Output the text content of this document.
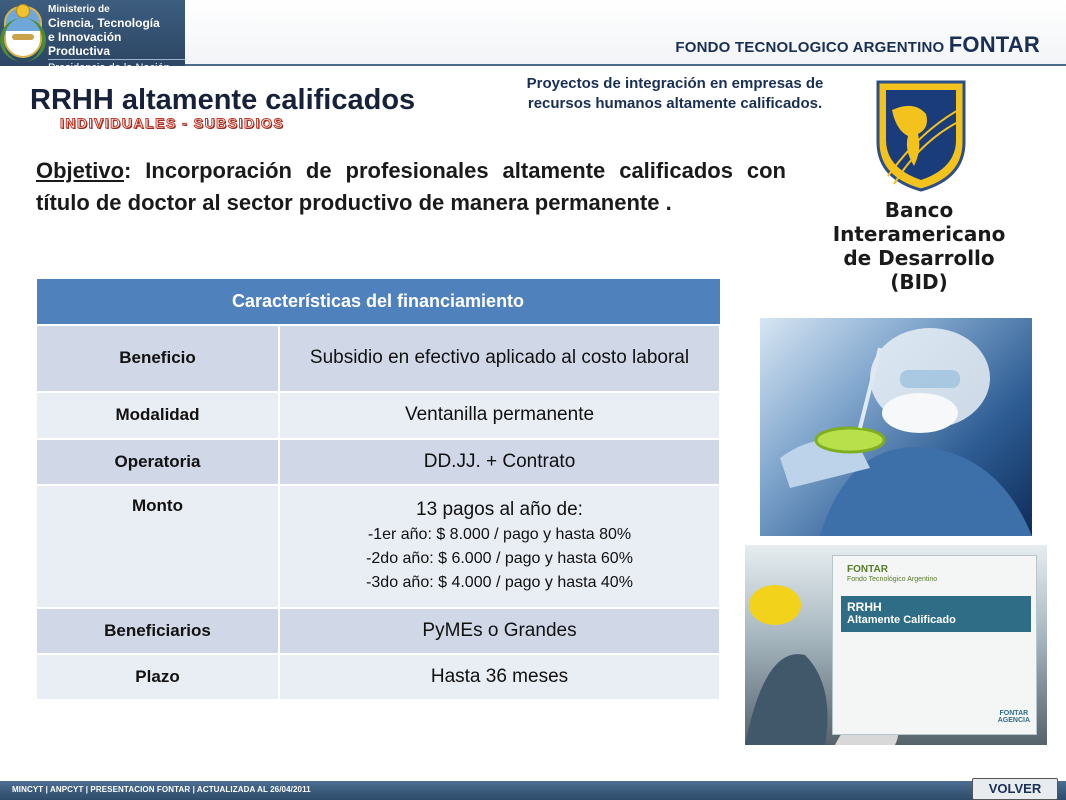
Ministerio de
Ciencia, Tecnología
e Innovación Productiva
Presidencia de la Nación
FONDO TECNOLOGICO ARGENTINO FONTAR
RRHH altamente calificados
INDIVIDUALES - SUBSIDIOS
Proyectos de integración en empresas de recursos humanos altamente calificados.
Objetivo: Incorporación de profesionales altamente calificados con título de doctor al sector productivo de manera permanente .	Banco
Interamericano
de Desarrollo
(BID)
Características del financiamiento	
Beneficio	Subsidio en efectivo aplicado al costo laboral
Modalidad	Ventanilla permanente
Operatoria	DD.JJ. + Contrato
Monto	13 pagos al año de:
-1er año: $ 8.000 / pago y hasta 80%
-2do año: $ 6.000 / pago y hasta 60%
-3do año: $ 4.000 / pago y hasta 40%

Beneficiarios	PyMEs o Grandes
Plazo	Hasta 36 meses
FONTAR
Fondo Tecnológico Argentino
RRHH
Altamente Calificado
FONTAR
AGENCIA
MINCYT | ANPCYT | PRESENTACION FONTAR | ACTUALIZADA AL 26/04/2011	VOLVER
